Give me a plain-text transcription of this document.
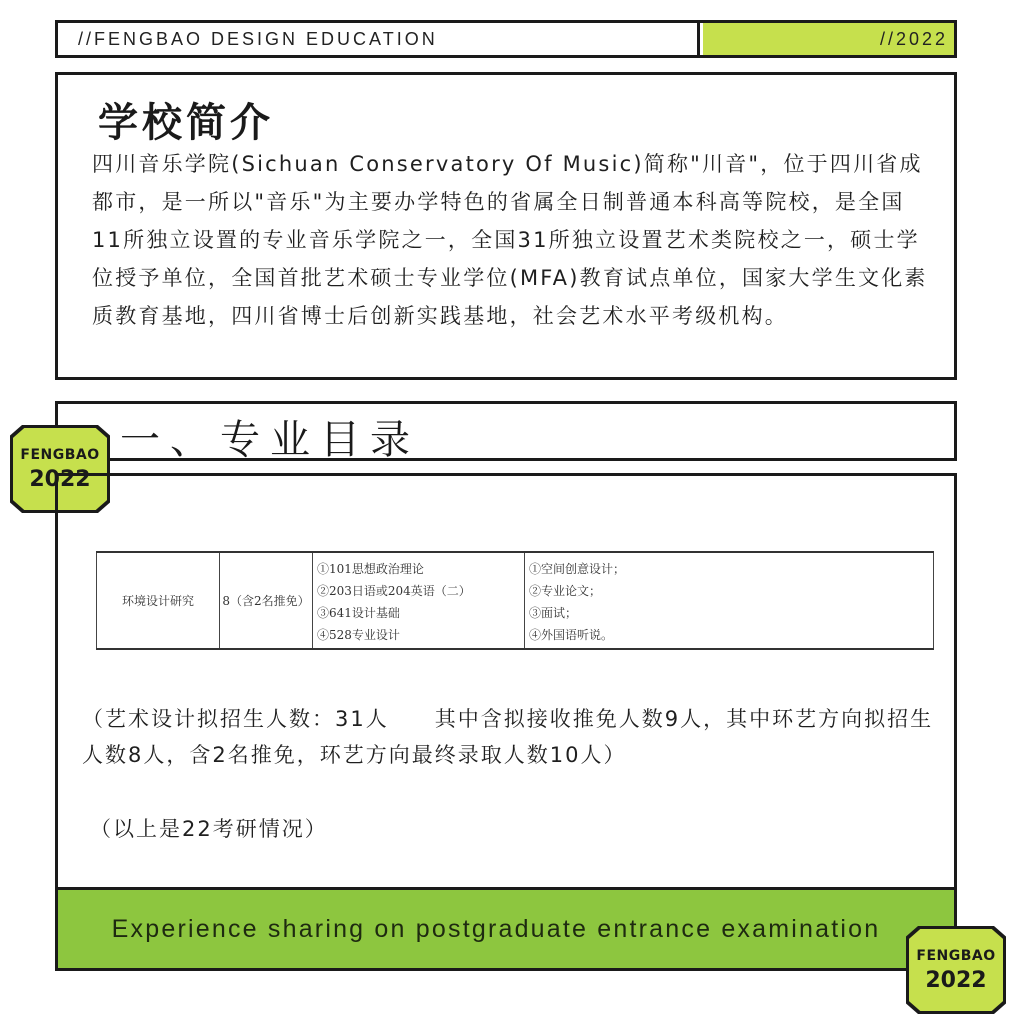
//FENGBAO DESIGN EDUCATION	//2022
学校简介
四川音乐学院(Sichuan Conservatory Of Music)简称"川音"，位于四川省成都市，是一所以"音乐"为主要办学特色的省属全日制普通本科高等院校，是全国11所独立设置的专业音乐学院之一，全国31所独立设置艺术类院校之一，硕士学位授予单位，全国首批艺术硕士专业学位(MFA)教育试点单位，国家大学生文化素质教育基地，四川省博士后创新实践基地，社会艺术水平考级机构。
一、专业目录
FENGBAO
2022
环境设计研究	8（含2名推免）
①101思想政治理论
②203日语或204英语（二）
③641设计基础
④528专业设计
①空间创意设计；
②专业论文；
③面试；
④外国语听说。
（艺术设计拟招生人数：31人　　其中含拟接收推免人数9人，其中环艺方向拟招生人数8人，含2名推免，环艺方向最终录取人数10人）
（以上是22考研情况）
Experience sharing on postgraduate entrance examination
FENGBAO
2022
